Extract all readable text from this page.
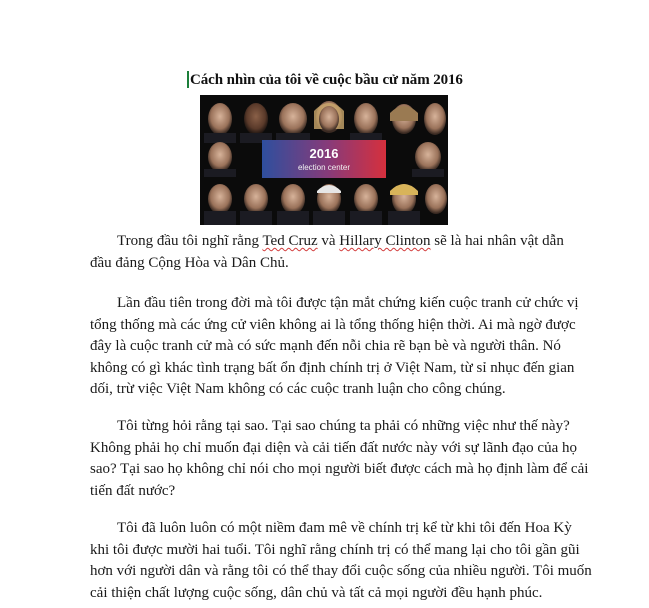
Cách nhìn của tôi về cuộc bầu cử năm 2016
2016
election center

Trong đầu tôi nghĩ rằng Ted Cruz và Hillary Clinton sẽ là hai nhân vật dẫn
đầu đảng Cộng Hòa và Dân Chủ.

Lần đầu tiên trong đời mà tôi được tận mắt chứng kiến cuộc tranh cử chức vị
tổng thống mà các ứng cử viên không ai là tổng thống hiện thời. Ai mà ngờ được
đây là cuộc tranh cử mà có sức mạnh đến nỗi chia rẽ bạn bè và người thân. Nó
không có gì khác tình trạng bất ổn định chính trị ở Việt Nam, từ sỉ nhục đến gian
dối, trừ việc Việt Nam không có các cuộc tranh luận cho công chúng.

Tôi từng hỏi rằng tại sao. Tại sao chúng ta phải có những việc như thế này?
Không phải họ chỉ muốn đại diện và cải tiến đất nước này với sự lãnh đạo của họ
sao? Tại sao họ không chỉ nói cho mọi người biết được cách mà họ định làm để cải
tiến đất nước?

Tôi đã luôn luôn có một niềm đam mê về chính trị kể từ khi tôi đến Hoa Kỳ
khi tôi được mười hai tuổi. Tôi nghĩ rằng chính trị có thể mang lại cho tôi gần gũi
hơn với người dân và rằng tôi có thể thay đổi cuộc sống của nhiều người. Tôi muốn
cải thiện chất lượng cuộc sống, dân chủ và tất cả mọi người đều hạnh phúc.
